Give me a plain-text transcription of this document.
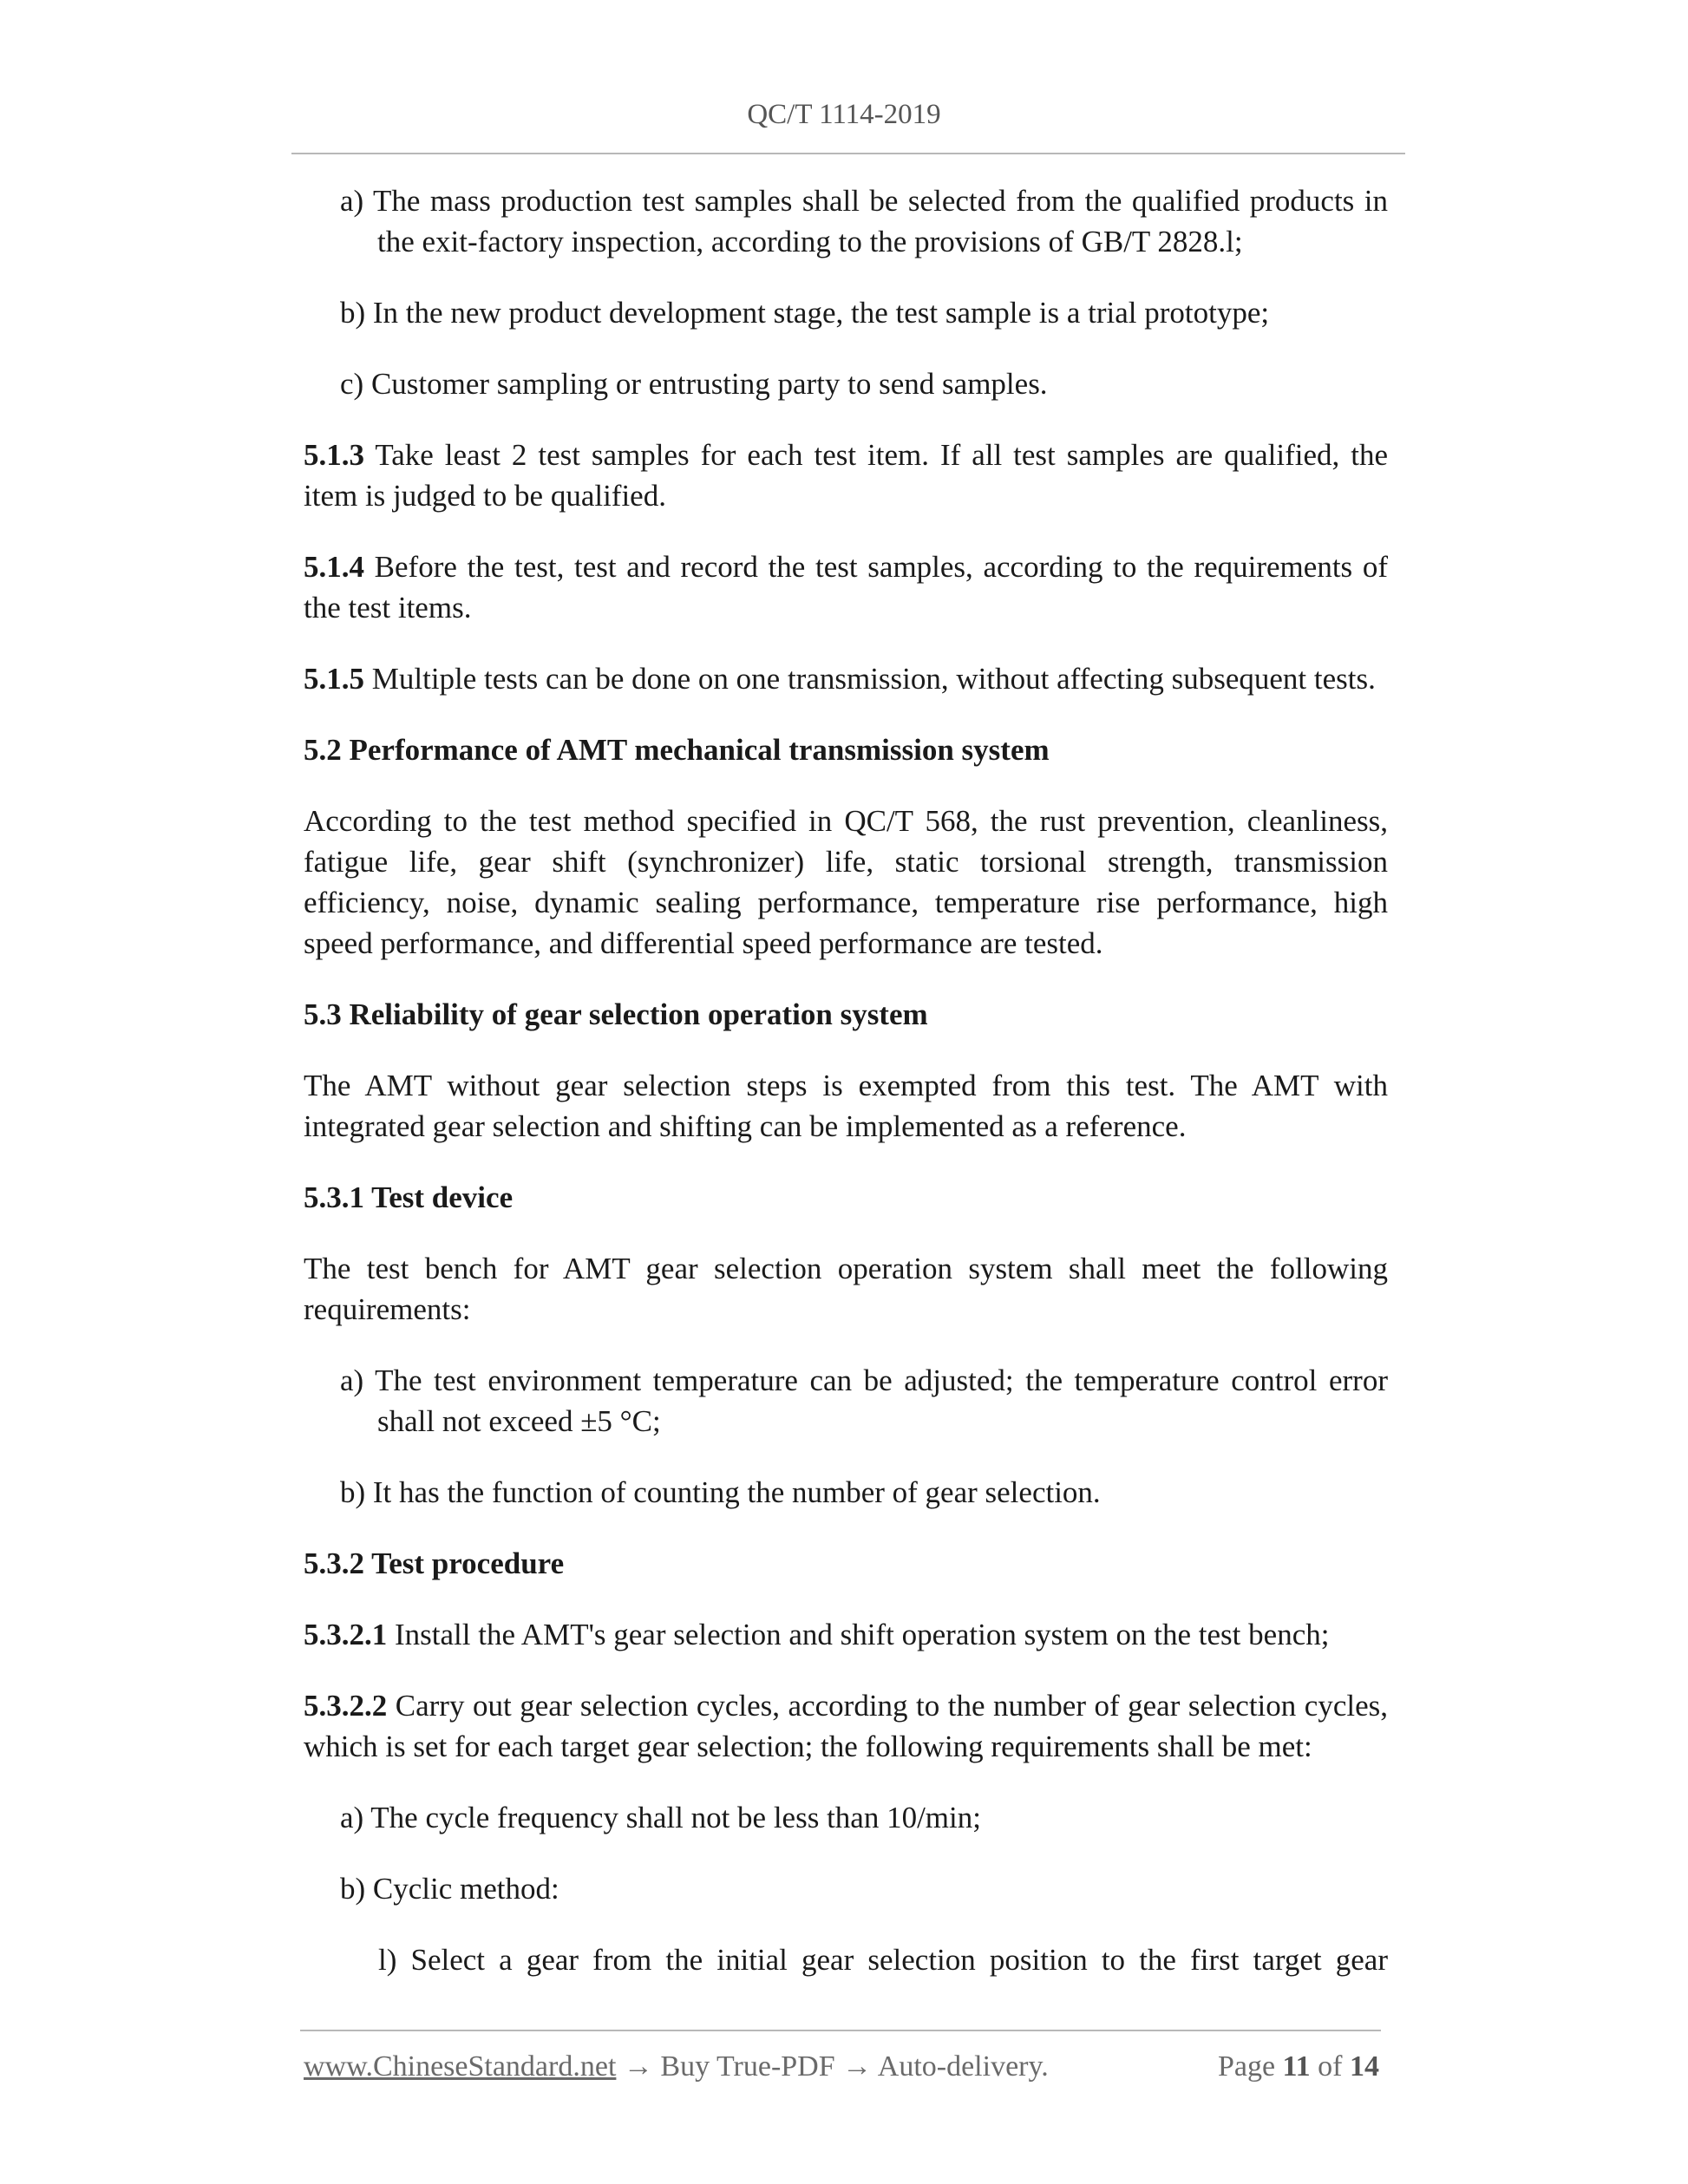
QC/T 1114-2019

a) The mass production test samples shall be selected from the qualified products in the exit-factory inspection, according to the provisions of GB/T 2828.l;

b) In the new product development stage, the test sample is a trial prototype;

c) Customer sampling or entrusting party to send samples.

5.1.3 Take least 2 test samples for each test item. If all test samples are qualified, the item is judged to be qualified.

5.1.4 Before the test, test and record the test samples, according to the requirements of the test items.

5.1.5 Multiple tests can be done on one transmission, without affecting subsequent tests.

5.2 Performance of AMT mechanical transmission system

According to the test method specified in QC/T 568, the rust prevention, cleanliness, fatigue life, gear shift (synchronizer) life, static torsional strength, transmission efficiency, noise, dynamic sealing performance, temperature rise performance, high speed performance, and differential speed performance are tested.

5.3 Reliability of gear selection operation system

The AMT without gear selection steps is exempted from this test. The AMT with integrated gear selection and shifting can be implemented as a reference.

5.3.1 Test device

The test bench for AMT gear selection operation system shall meet the following requirements:

a) The test environment temperature can be adjusted; the temperature control error shall not exceed ±5 °C;

b) It has the function of counting the number of gear selection.

5.3.2 Test procedure

5.3.2.1 Install the AMT's gear selection and shift operation system on the test bench;

5.3.2.2 Carry out gear selection cycles, according to the number of gear selection cycles, which is set for each target gear selection; the following requirements shall be met:

a) The cycle frequency shall not be less than 10/min;

b) Cyclic method:

l) Select a gear from the initial gear selection position to the first target gear

www.ChineseStandard.net → Buy True-PDF → Auto-delivery.	Page 11 of 14
